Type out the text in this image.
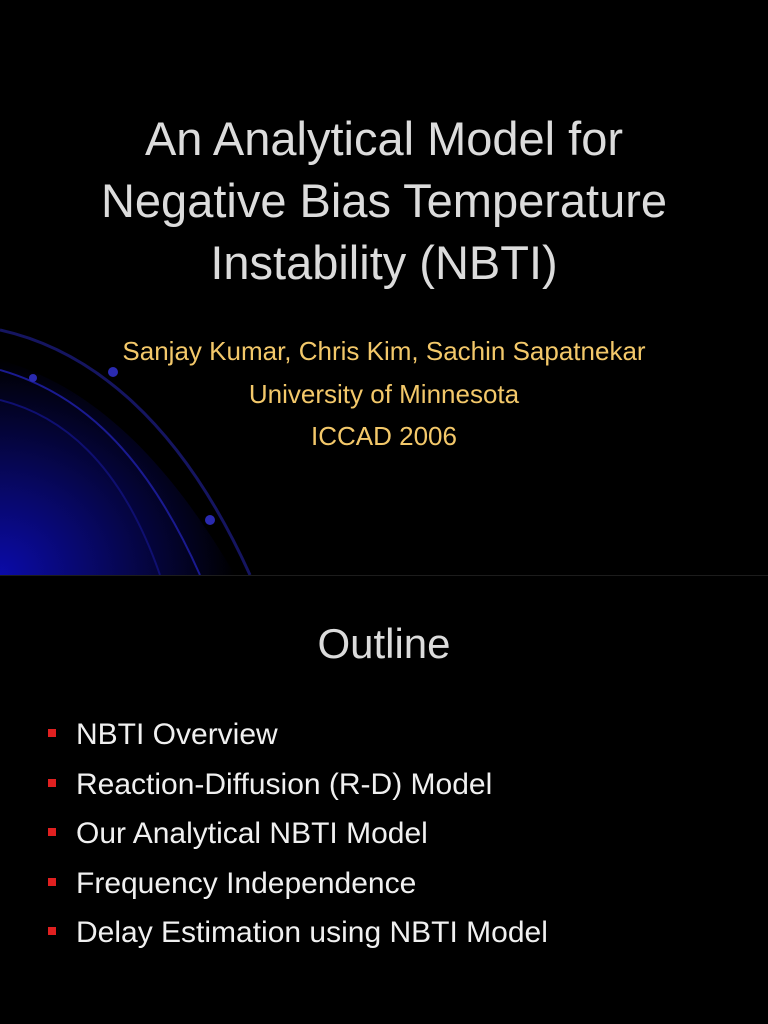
An Analytical Model for
Negative Bias Temperature
Instability (NBTI)
Sanjay Kumar, Chris Kim, Sachin Sapatnekar
University of Minnesota
ICCAD 2006
Outline
NBTI Overview
Reaction-Diffusion (R-D) Model
Our Analytical NBTI Model
Frequency Independence
Delay Estimation using NBTI Model
